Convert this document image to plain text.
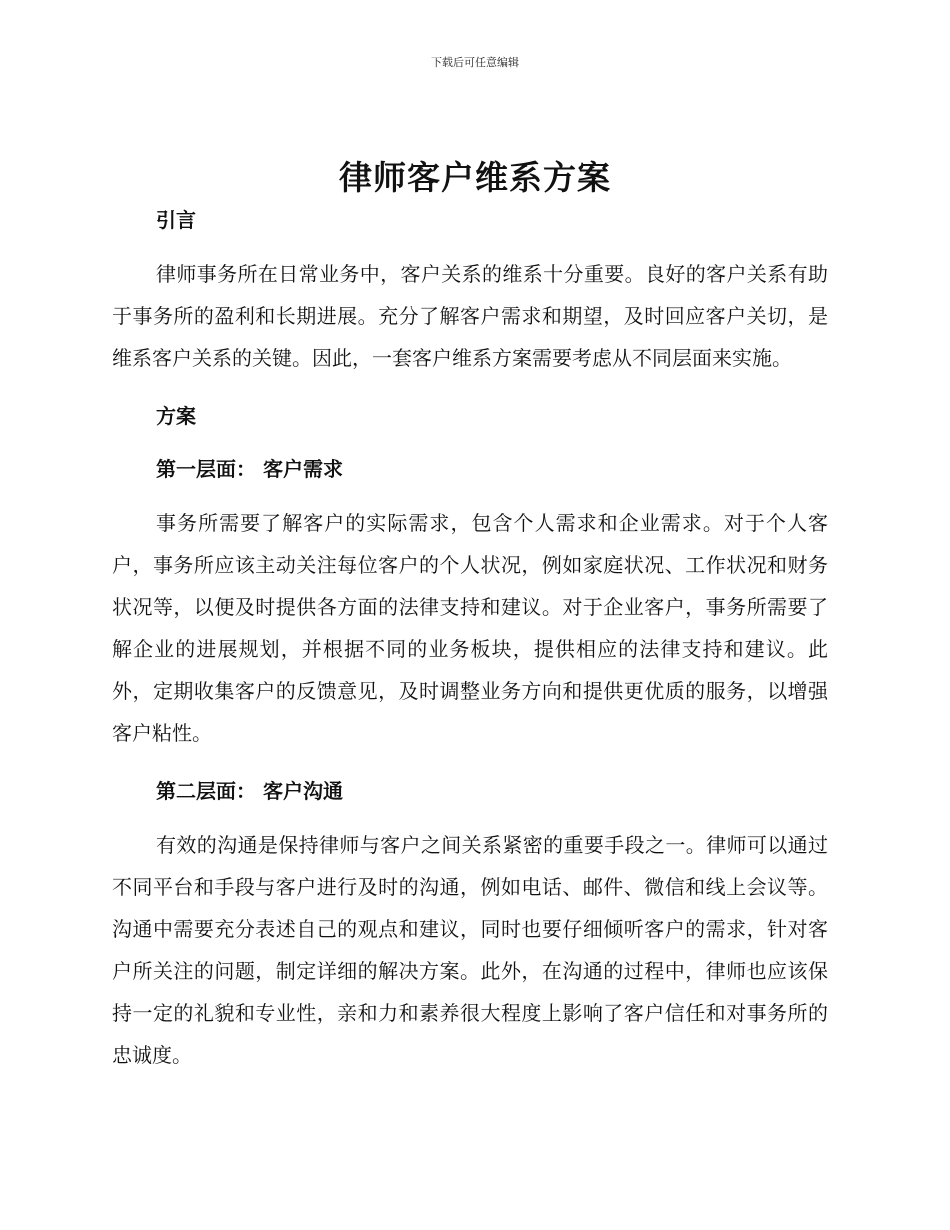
下载后可任意编辑
律师客户维系方案

引言

律师事务所在日常业务中，客户关系的维系十分重要。良好的客户关系有助于事务所的盈利和长期进展。充分了解客户需求和期望，及时回应客户关切，是维系客户关系的关键。因此，一套客户维系方案需要考虑从不同层面来实施。

方案

第一层面： 客户需求

事务所需要了解客户的实际需求，包含个人需求和企业需求。对于个人客户，事务所应该主动关注每位客户的个人状况，例如家庭状况、工作状况和财务状况等，以便及时提供各方面的法律支持和建议。对于企业客户，事务所需要了解企业的进展规划，并根据不同的业务板块，提供相应的法律支持和建议。此外，定期收集客户的反馈意见，及时调整业务方向和提供更优质的服务，以增强客户粘性。

第二层面： 客户沟通

有效的沟通是保持律师与客户之间关系紧密的重要手段之一。律师可以通过不同平台和手段与客户进行及时的沟通，例如电话、邮件、微信和线上会议等。沟通中需要充分表述自己的观点和建议，同时也要仔细倾听客户的需求，针对客户所关注的问题，制定详细的解决方案。此外，在沟通的过程中，律师也应该保持一定的礼貌和专业性，亲和力和素养很大程度上影响了客户信任和对事务所的忠诚度。
